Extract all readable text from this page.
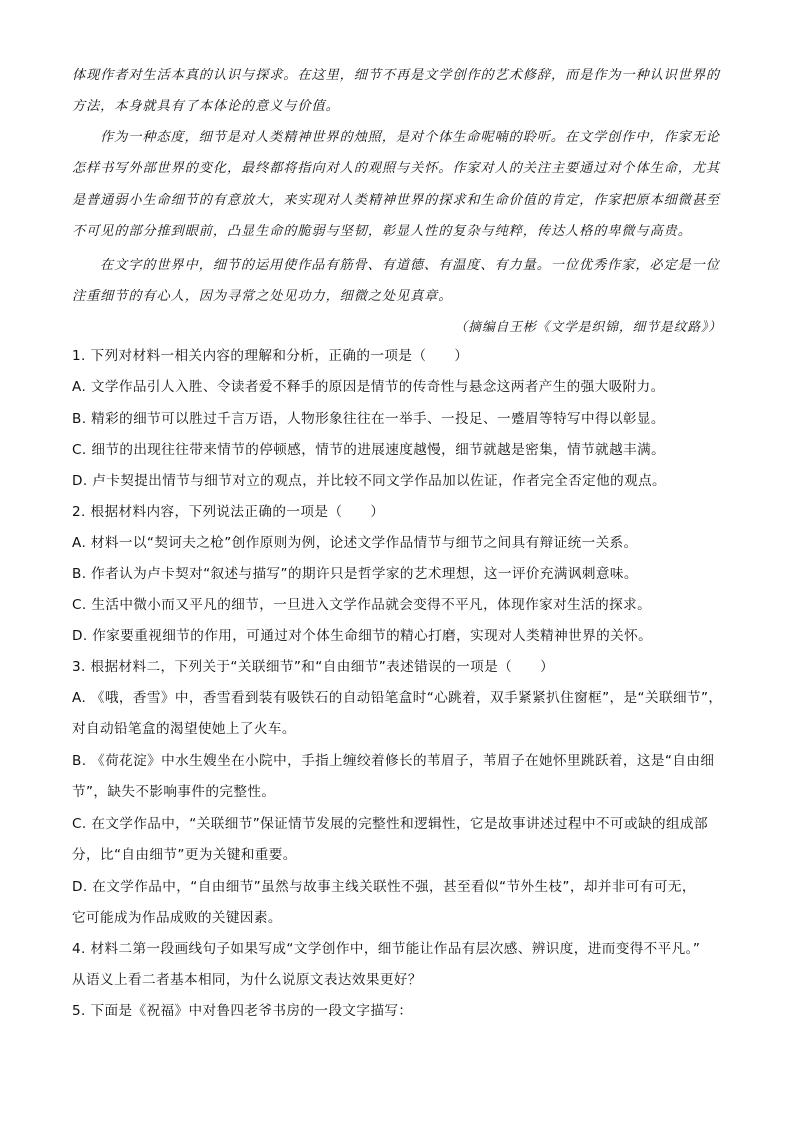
体现作者对生活本真的认识与探求。在这里，细节不再是文学创作的艺术修辞，而是作为一种认识世界的
方法，本身就具有了本体论的意义与价值。

作为一种态度，细节是对人类精神世界的烛照，是对个体生命呢喃的聆听。在文学创作中，作家无论
怎样书写外部世界的变化，最终都将指向对人的观照与关怀。作家对人的关注主要通过对个体生命，尤其
是普通弱小生命细节的有意放大，来实现对人类精神世界的探求和生命价值的肯定，作家把原本细微甚至
不可见的部分推到眼前，凸显生命的脆弱与坚韧，彰显人性的复杂与纯粹，传达人格的卑微与高贵。

在文字的世界中，细节的运用使作品有筋骨、有道德、有温度、有力量。一位优秀作家，必定是一位
注重细节的有心人，因为寻常之处见功力，细微之处见真章。

（摘编自王彬《文学是织锦，细节是纹路》）

1. 下列对材料一相关内容的理解和分析，正确的一项是（　　）
A. 文学作品引人入胜、令读者爱不释手的原因是情节的传奇性与悬念这两者产生的强大吸附力。
B. 精彩的细节可以胜过千言万语，人物形象往往在一举手、一投足、一蹙眉等特写中得以彰显。
C. 细节的出现往往带来情节的停顿感，情节的进展速度越慢，细节就越是密集，情节就越丰满。
D. 卢卡契提出情节与细节对立的观点，并比较不同文学作品加以佐证，作者完全否定他的观点。
2. 根据材料内容，下列说法正确的一项是（　　）
A. 材料一以“契诃夫之枪”创作原则为例，论述文学作品情节与细节之间具有辩证统一关系。
B. 作者认为卢卡契对“叙述与描写”的期许只是哲学家的艺术理想，这一评价充满讽刺意味。
C. 生活中微小而又平凡的细节，一旦进入文学作品就会变得不平凡，体现作家对生活的探求。
D. 作家要重视细节的作用，可通过对个体生命细节的精心打磨，实现对人类精神世界的关怀。
3. 根据材料二，下列关于“关联细节”和“自由细节”表述错误的一项是（　　）
A. 《哦，香雪》中，香雪看到装有吸铁石的自动铅笔盒时“心跳着，双手紧紧扒住窗框”，是“关联细节”，
对自动铅笔盒的渴望使她上了火车。
B. 《荷花淀》中水生嫂坐在小院中，手指上缠绞着修长的苇眉子，苇眉子在她怀里跳跃着，这是“自由细
节”，缺失不影响事件的完整性。
C. 在文学作品中，“关联细节”保证情节发展的完整性和逻辑性，它是故事讲述过程中不可或缺的组成部
分，比“自由细节”更为关键和重要。
D. 在文学作品中，“自由细节”虽然与故事主线关联性不强，甚至看似“节外生枝”，却并非可有可无，
它可能成为作品成败的关键因素。
4. 材料二第一段画线句子如果写成“文学创作中，细节能让作品有层次感、辨识度，进而变得不平凡。”
从语义上看二者基本相同，为什么说原文表达效果更好？
5. 下面是《祝福》中对鲁四老爷书房的一段文字描写：
